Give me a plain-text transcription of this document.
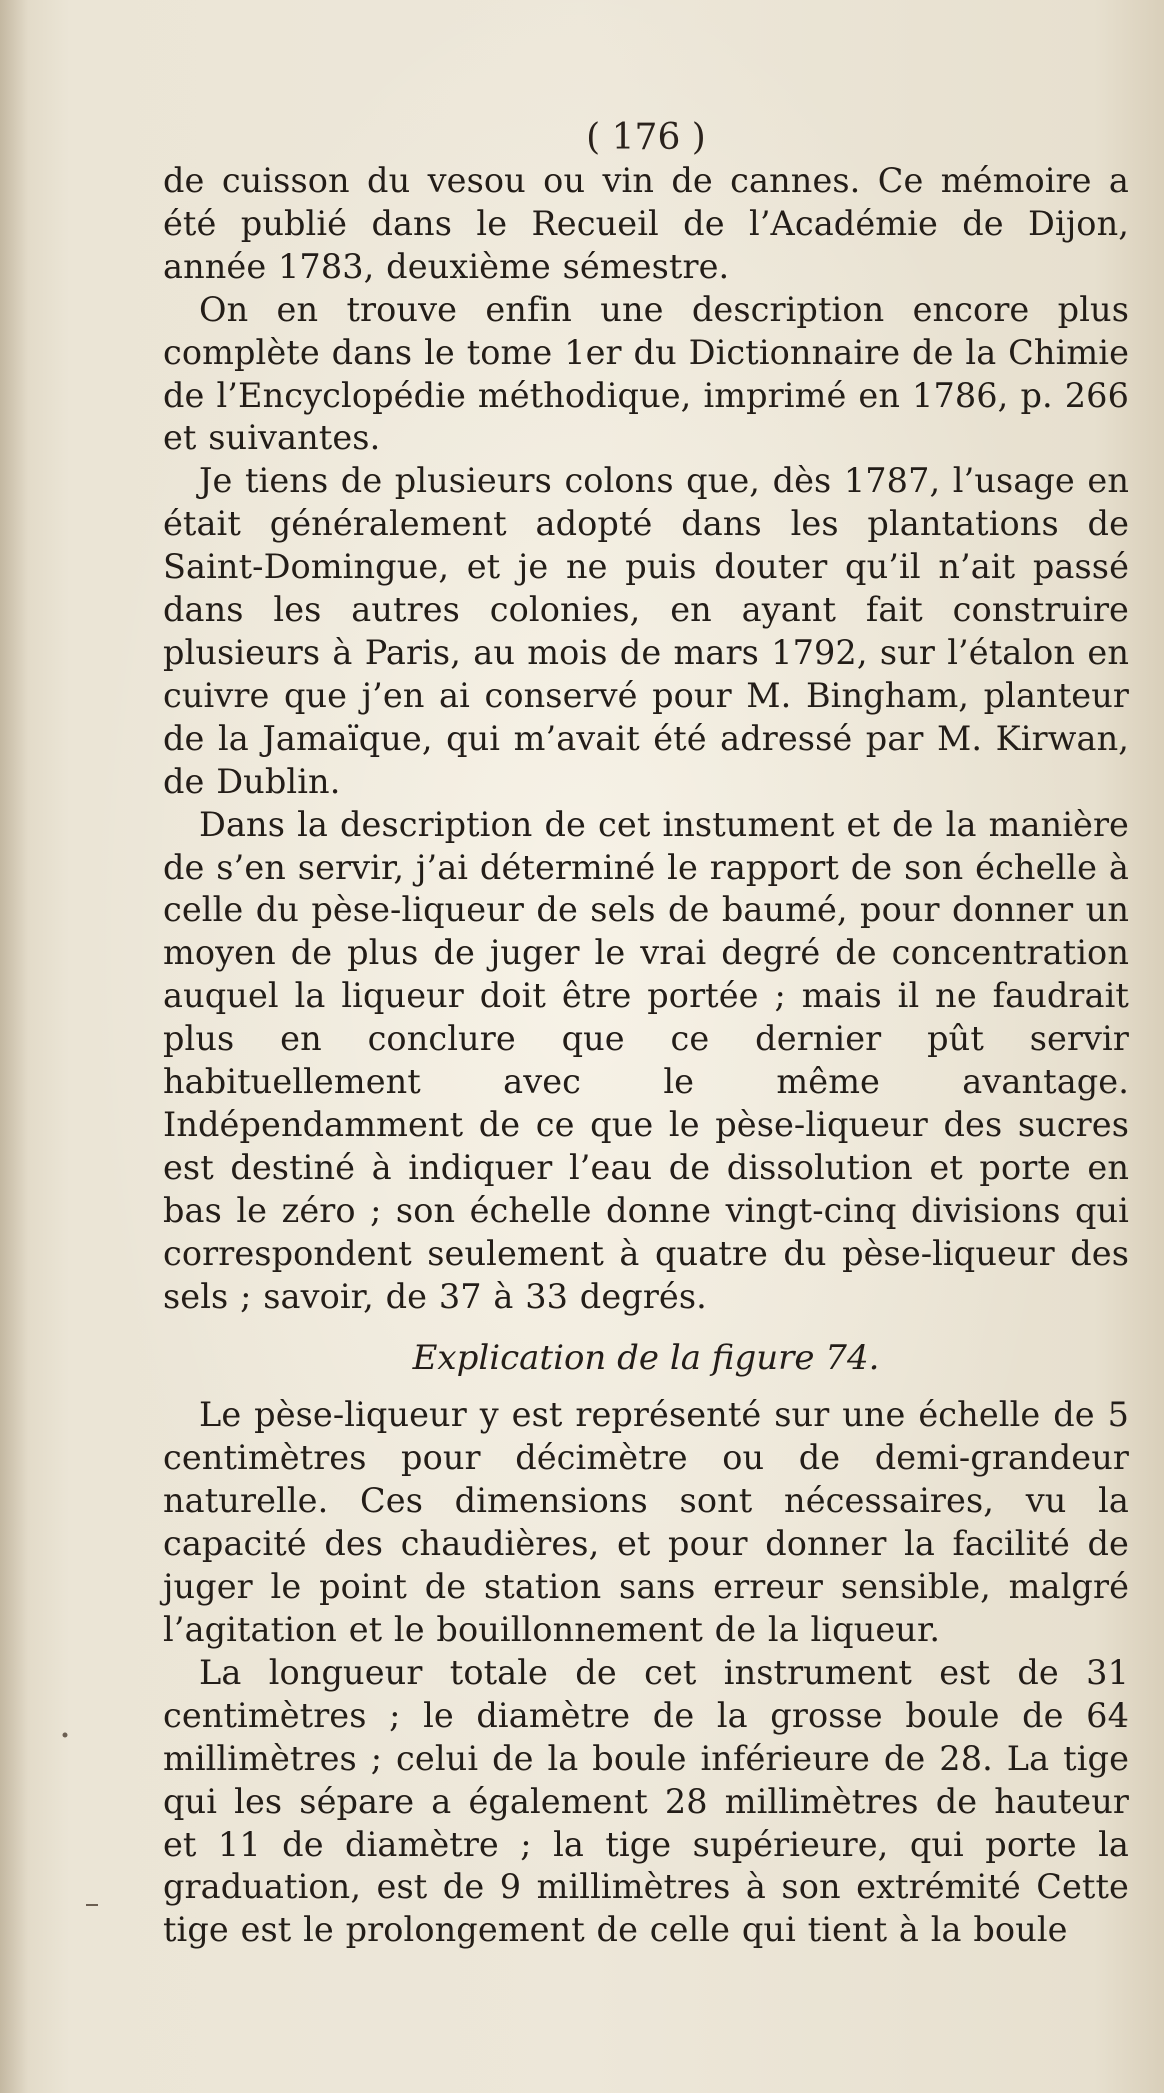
( 176 )

de cuisson du vesou ou vin de cannes. Ce mémoire a été publié dans le Recueil de l’Académie de Dijon, année 1783, deuxième sémestre.

On en trouve enfin une description encore plus complète dans le tome 1er du Dictionnaire de la Chimie de l’Encyclopédie méthodique, imprimé en 1786, p. 266 et suivantes.

Je tiens de plusieurs colons que, dès 1787, l’usage en était généralement adopté dans les plantations de Saint-Domingue, et je ne puis douter qu’il n’ait passé dans les autres colonies, en ayant fait construire plusieurs à Paris, au mois de mars 1792, sur l’étalon en cuivre que j’en ai conservé pour M. Bingham, planteur de la Jamaïque, qui m’avait été adressé par M. Kirwan, de Dublin.

Dans la description de cet instument et de la manière de s’en servir, j’ai déterminé le rapport de son échelle à celle du pèse-liqueur de sels de baumé, pour donner un moyen de plus de juger le vrai degré de concentration auquel la liqueur doit être portée ; mais il ne faudrait plus en conclure que ce dernier pût servir habituellement avec le même avantage. Indépendamment de ce que le pèse-liqueur des sucres est destiné à indiquer l’eau de dissolution et porte en bas le zéro ; son échelle donne vingt-cinq divisions qui correspondent seulement à quatre du pèse-liqueur des sels ; savoir, de 37 à 33 degrés.

Explication de la figure 74.

Le pèse-liqueur y est représenté sur une échelle de 5 centimètres pour décimètre ou de demi-grandeur naturelle. Ces dimensions sont nécessaires, vu la capacité des chaudières, et pour donner la facilité de juger le point de station sans erreur sensible, malgré l’agitation et le bouillonnement de la liqueur.

La longueur totale de cet instrument est de 31 centimètres ; le diamètre de la grosse boule de 64 millimètres ; celui de la boule inférieure de 28. La tige qui les sépare a également 28 millimètres de hauteur et 11 de diamètre ; la tige supérieure, qui porte la graduation, est de 9 millimètres à son extrémité Cette tige est le prolongement de celle qui tient à la boule
